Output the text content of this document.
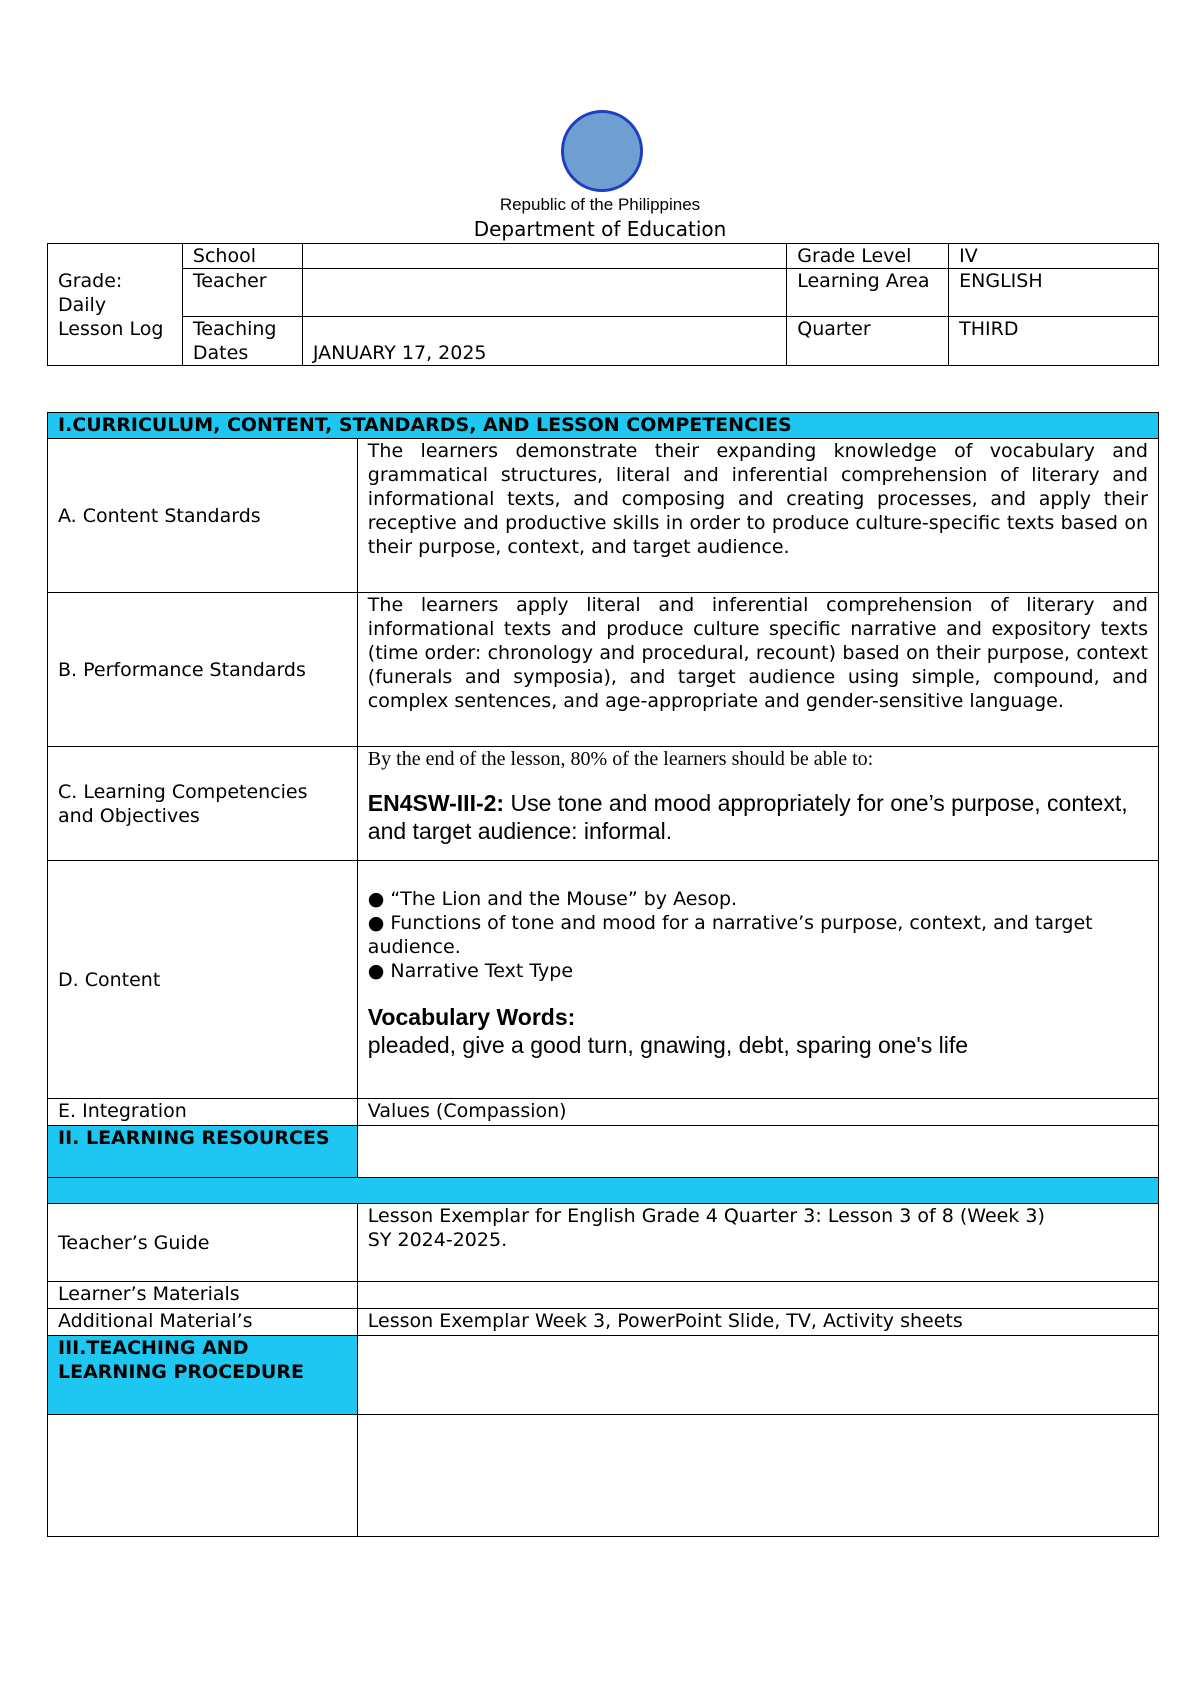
Republic of the Philippines
Department of Education
Grade: Daily Lesson Log	School		Grade Level	IV
	Teacher		Learning Area	ENGLISH
	Teaching Dates	JANUARY 17, 2025	Quarter	THIRD
I.CURRICULUM, CONTENT, STANDARDS, AND LESSON COMPETENCIES	
A. Content Standards	The learners demonstrate their expanding knowledge of vocabulary and grammatical structures, literal and inferential comprehension of literary and informational texts, and composing and creating processes, and apply their receptive and productive skills in order to produce culture-specific texts based on their purpose, context, and target audience.
B. Performance Standards	The learners apply literal and inferential comprehension of literary and informational texts and produce culture specific narrative and expository texts (time order: chronology and procedural, recount) based on their purpose, context (funerals and symposia), and target audience using simple, compound, and complex sentences, and age-appropriate and gender-sensitive language.
C. Learning Competencies and Objectives	By the end of the lesson, 80% of the learners should be able to:
EN4SW-III-2: Use tone and mood appropriately for one’s purpose, context, and target audience: informal.

D. Content	● “The Lion and the Mouse” by Aesop.
● Functions of tone and mood for a narrative’s purpose, context, and target audience.
● Narrative Text Type
Vocabulary Words:
pleaded, give a good turn, gnawing, debt, sparing one's life

E. Integration	Values (Compassion)
II. LEARNING RESOURCES	

Teacher’s Guide	Lesson Exemplar for English Grade 4 Quarter 3: Lesson 3 of 8 (Week 3)
SY 2024-2025.

Learner’s Materials	
Additional Material’s	Lesson Exemplar Week 3, PowerPoint Slide, TV, Activity sheets
III.TEACHING AND LEARNING PROCEDURE	
